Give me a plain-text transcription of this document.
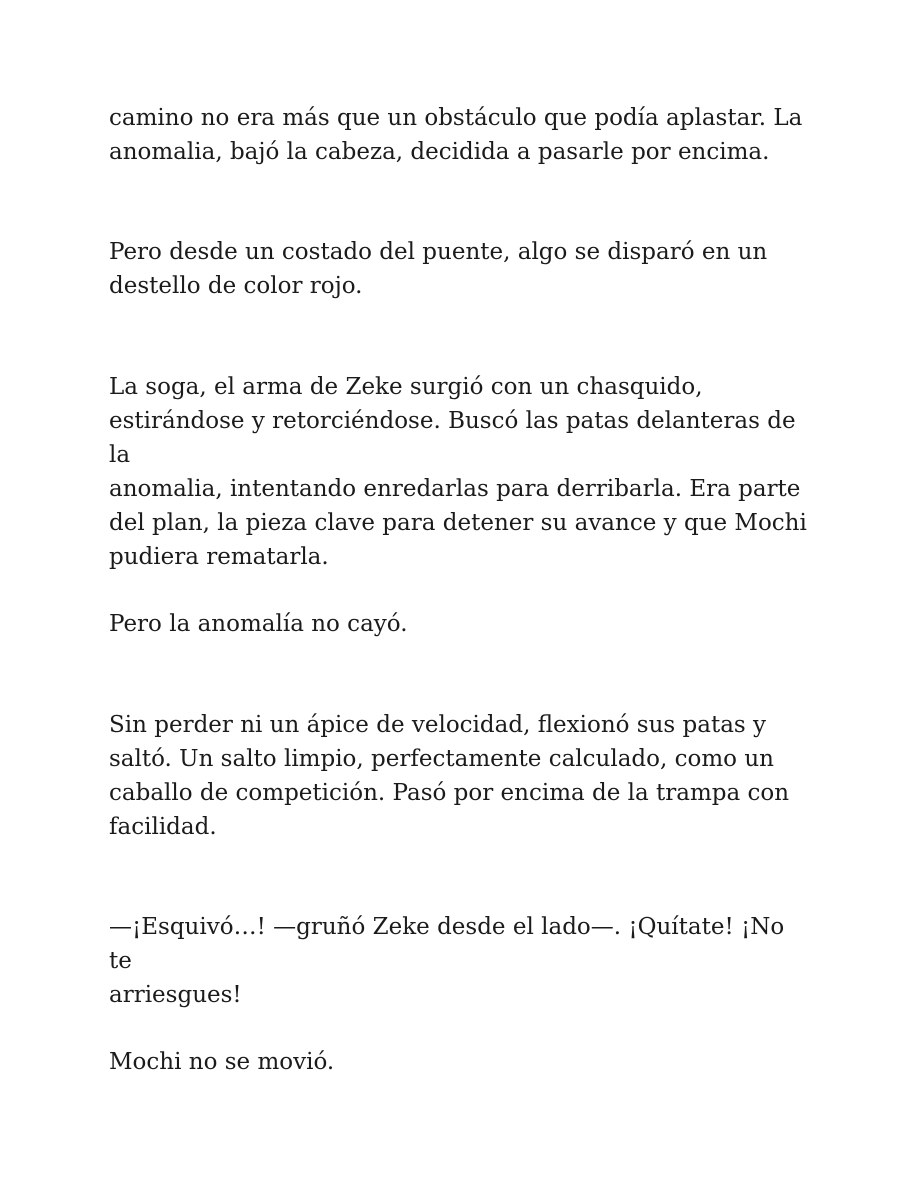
camino no era más que un obstáculo que podía aplastar. La
anomalia, bajó la cabeza, decidida a pasarle por encima.

Pero desde un costado del puente, algo se disparó en un
destello de color rojo.

La soga, el arma de Zeke surgió con un chasquido,
estirándose y retorciéndose. Buscó las patas delanteras de la
anomalia, intentando enredarlas para derribarla. Era parte
del plan, la pieza clave para detener su avance y que Mochi
pudiera rematarla.

Pero la anomalía no cayó.

Sin perder ni un ápice de velocidad, flexionó sus patas y
saltó. Un salto limpio, perfectamente calculado, como un
caballo de competición. Pasó por encima de la trampa con
facilidad.

—¡Esquivó…! —gruñó Zeke desde el lado—. ¡Quítate! ¡No te
arriesgues!

Mochi no se movió.
